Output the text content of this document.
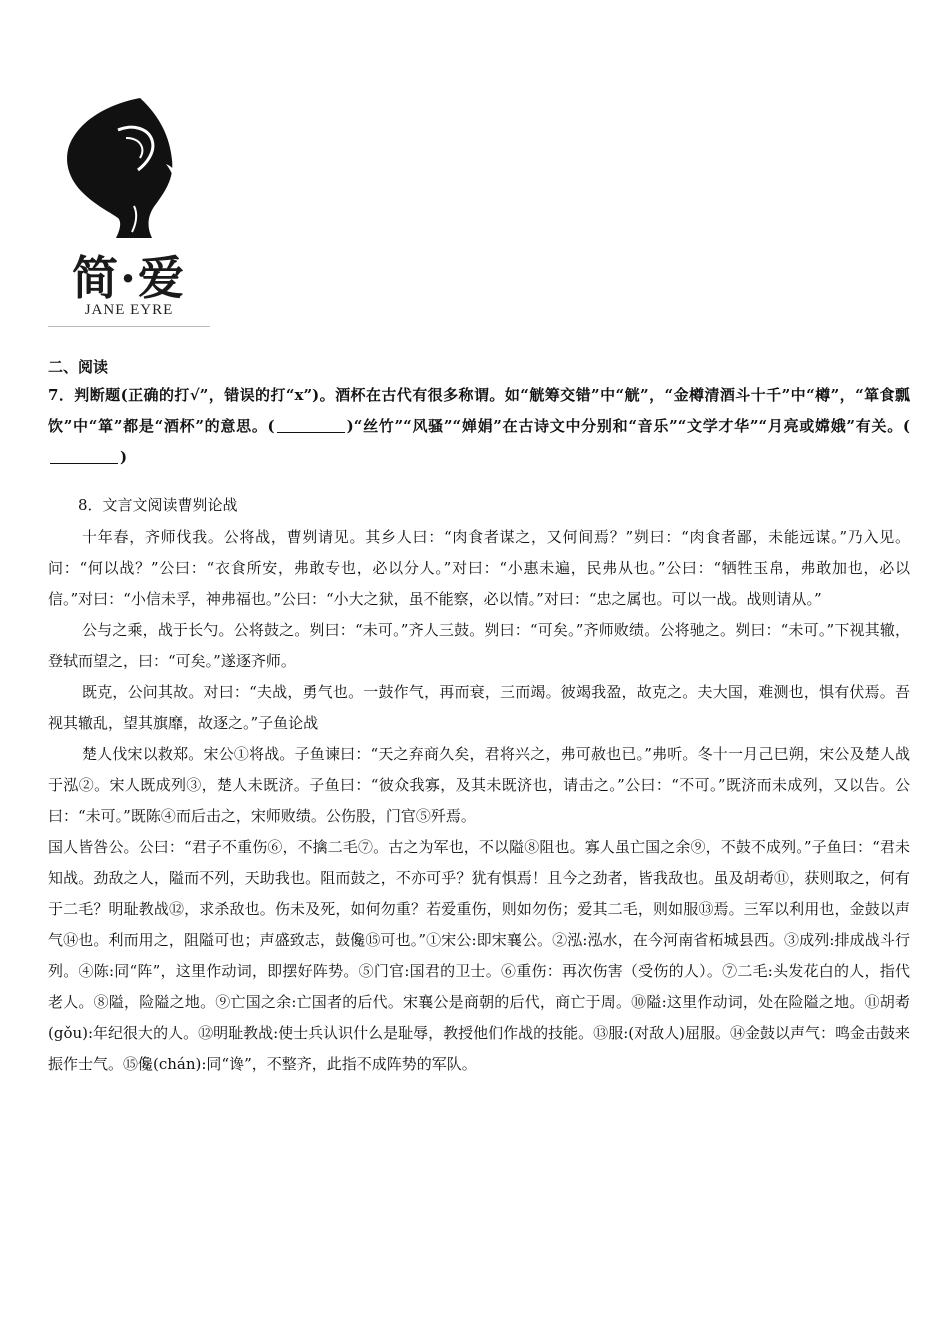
简·爱
JANE EYRE
二、阅读
7．判断题(正确的打√”，错误的打“x”)。酒杯在古代有很多称谓。如“觥筹交错”中“觥”，“金樽清酒斗十千”中“樽”，“箪食瓢饮”中“箪”都是“酒杯”的意思。(	)“丝竹”“风骚”“婵娟”在古诗文中分别和“音乐”“文学才华”“月亮或嫦娥”有关。()
8．文言文阅读曹刿论战

十年春，齐师伐我。公将战，曹刿请见。其乡人曰：“肉食者谋之，又何间焉？”刿曰：“肉食者鄙，未能远谋。”乃入见。问：“何以战？”公曰：“衣食所安，弗敢专也，必以分人。”对曰：“小惠未遍，民弗从也。”公曰：“牺牲玉帛，弗敢加也，必以信。”对曰：“小信未孚，神弗福也。”公曰：“小大之狱，虽不能察，必以情。”对曰：“忠之属也。可以一战。战则请从。”

公与之乘，战于长勺。公将鼓之。刿曰：“未可。”齐人三鼓。刿曰：“可矣。”齐师败绩。公将驰之。刿曰：“未可。”下视其辙，登轼而望之，曰：“可矣。”遂逐齐师。

既克，公问其故。对曰：“夫战，勇气也。一鼓作气，再而衰，三而竭。彼竭我盈，故克之。夫大国，难测也，惧有伏焉。吾视其辙乱，望其旗靡，故逐之。”子鱼论战

楚人伐宋以救郑。宋公①将战。子鱼谏曰：“天之弃商久矣，君将兴之，弗可赦也已。”弗听。冬十一月己巳朔，宋公及楚人战于泓②。宋人既成列③，楚人未既济。子鱼曰：“彼众我寡，及其未既济也，请击之。”公曰：“不可。”既济而未成列，又以告。公曰：“未可。”既陈④而后击之，宋师败绩。公伤股，门官⑤歼焉。

国人皆咎公。公曰：“君子不重伤⑥，不擒二毛⑦。古之为军也，不以隘⑧阻也。寡人虽亡国之余⑨，不鼓不成列。”子鱼曰：“君未知战。劲敌之人，隘而不列，天助我也。阻而鼓之，不亦可乎？犹有惧焉！且今之劲者，皆我敌也。虽及胡耇⑪，获则取之，何有于二毛？明耻教战⑫，求杀敌也。伤未及死，如何勿重？若爱重伤，则如勿伤；爱其二毛，则如服⑬焉。三军以利用也，金鼓以声气⑭也。利而用之，阻隘可也；声盛致志，鼓儳⑮可也。”①宋公:即宋襄公。②泓:泓水，在今河南省柘城县西。③成列:排成战斗行列。④陈:同“阵”，这里作动词，即摆好阵势。⑤门官:国君的卫士。⑥重伤：再次伤害（受伤的人）。⑦二毛:头发花白的人，指代老人。⑧隘，险隘之地。⑨亡国之余:亡国者的后代。宋襄公是商朝的后代，商亡于周。⑩隘:这里作动词，处在险隘之地。⑪胡耇(gǒu):年纪很大的人。⑫明耻教战:使士兵认识什么是耻辱，教授他们作战的技能。⑬服:(对敌人)屈服。⑭金鼓以声气：鸣金击鼓来振作士气。⑮儳(chán):同“谗”，不整齐，此指不成阵势的军队。
